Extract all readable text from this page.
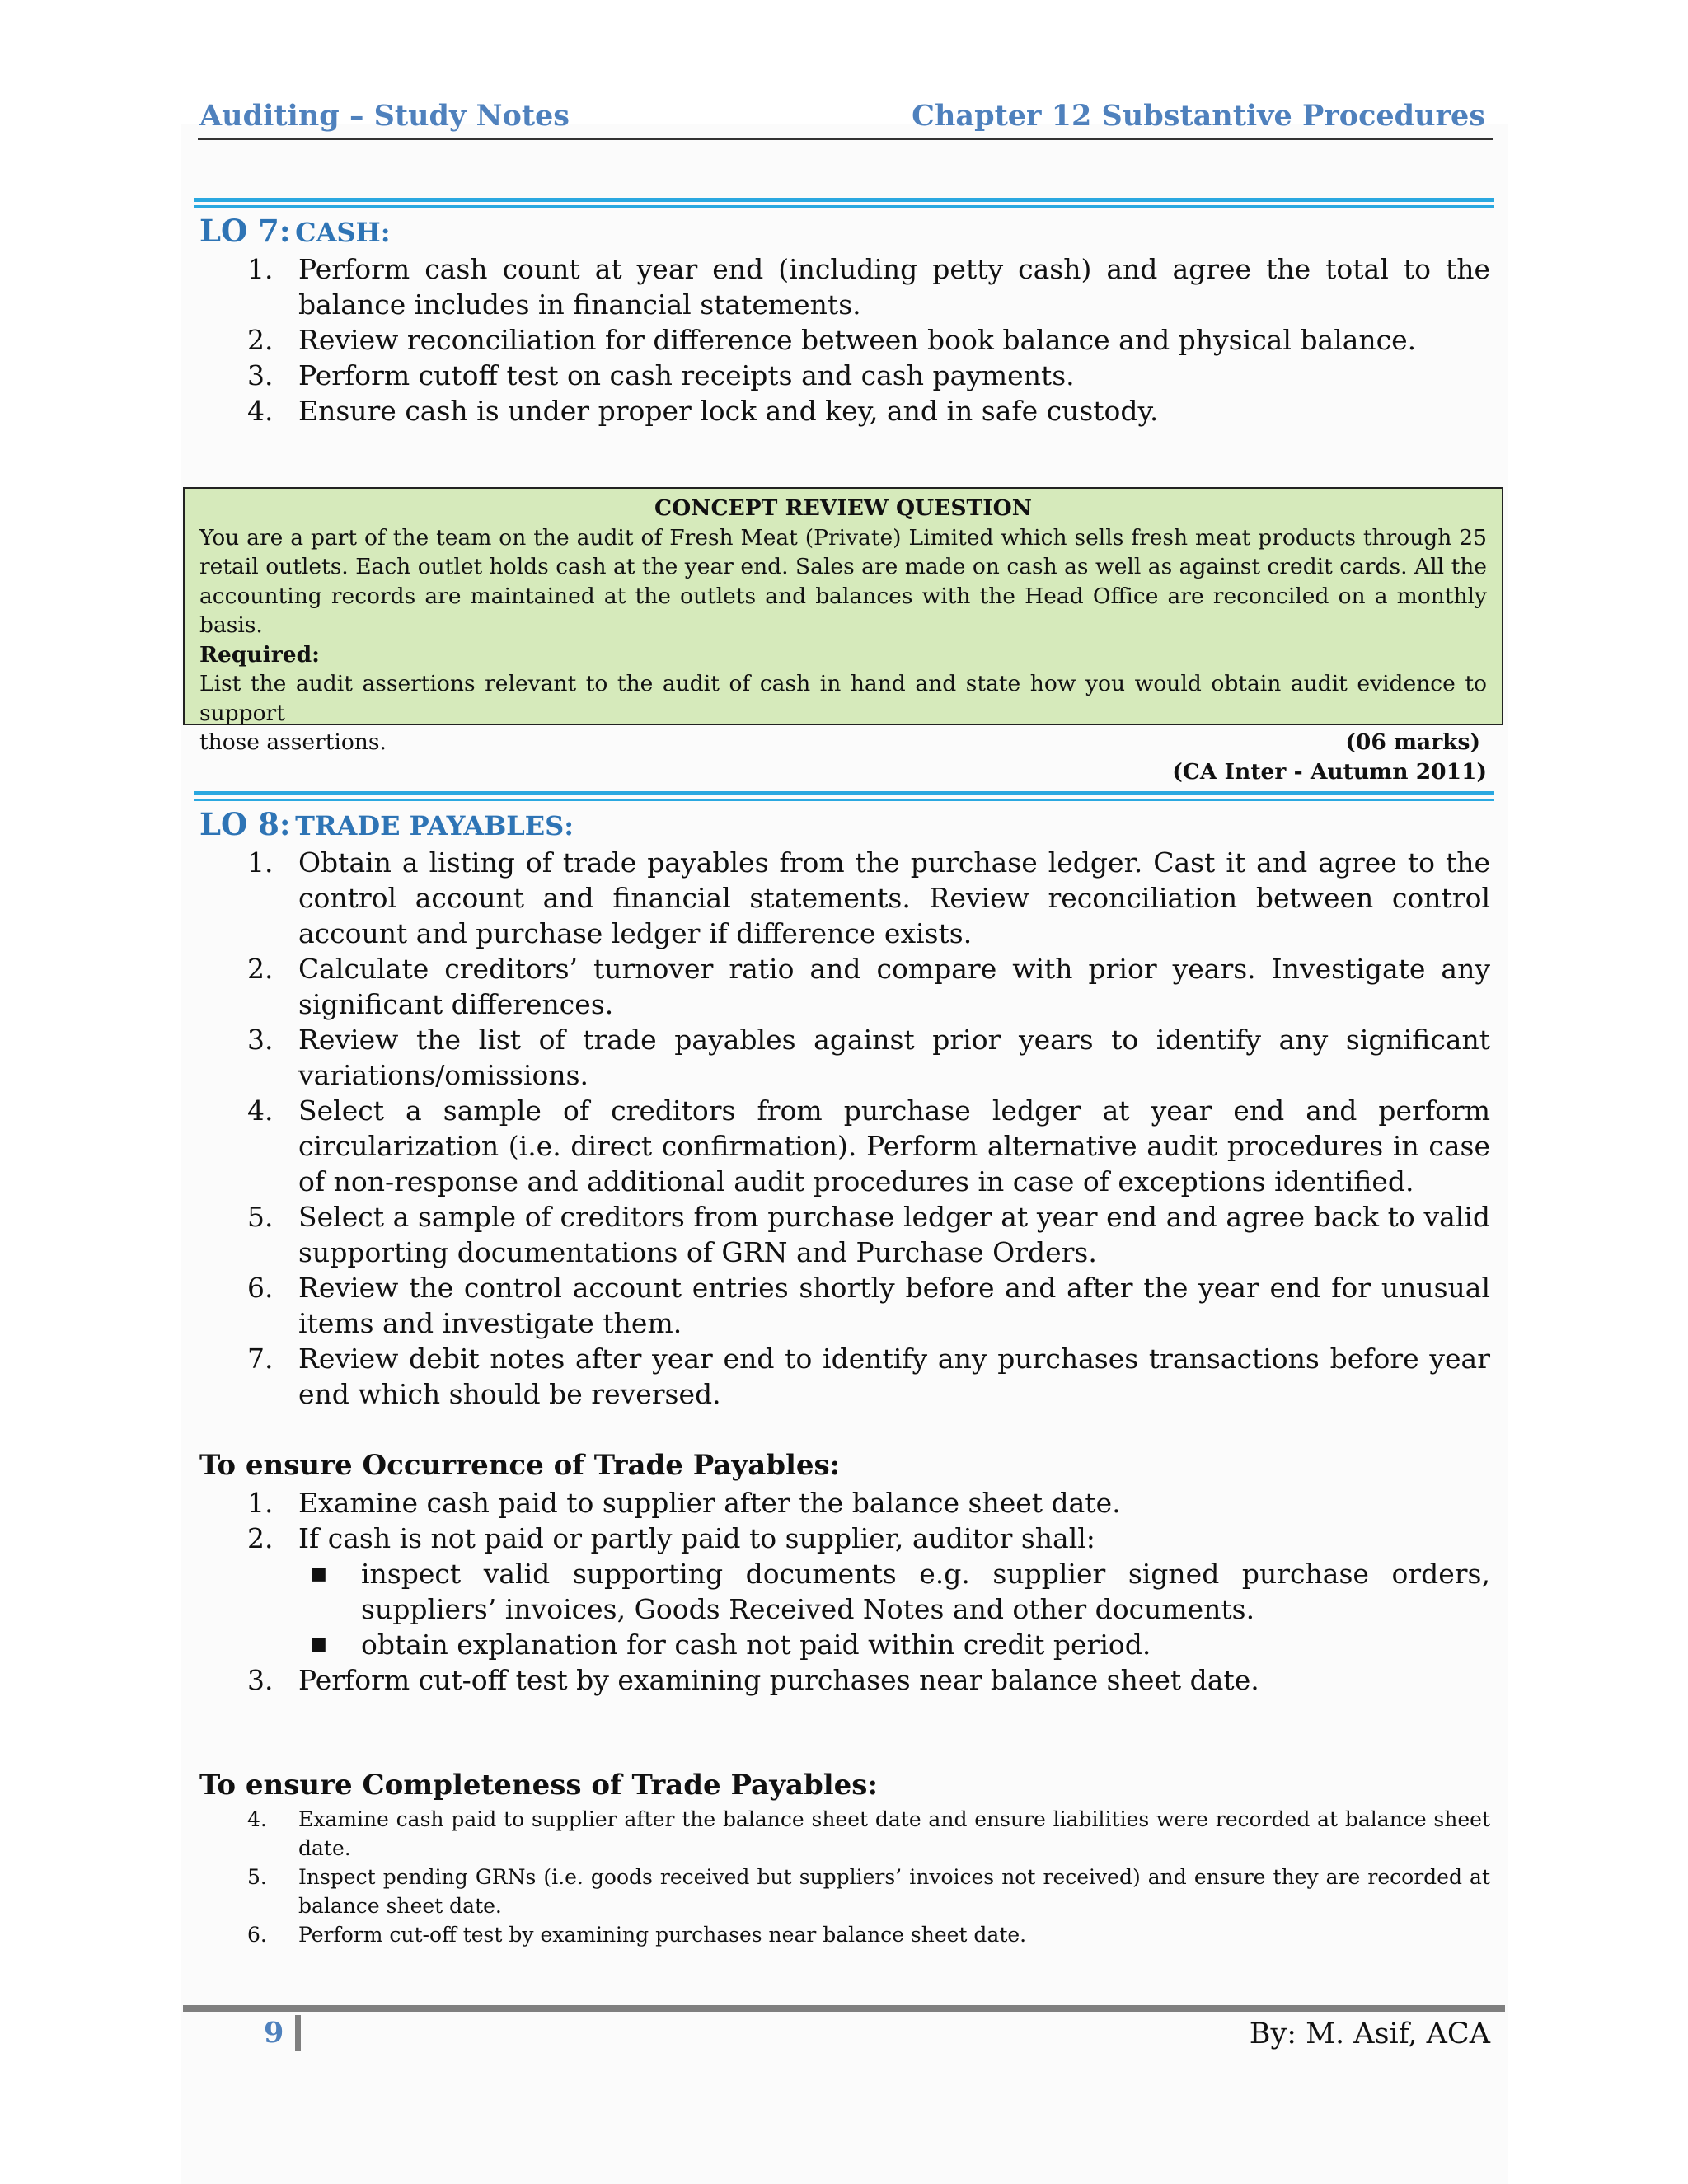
Auditing – Study Notes	Chapter 12 Substantive Procedures
LO 7: CASH:
1. Perform cash count at year end (including petty cash) and agree the total to the balance includes in financial statements.
2. Review reconciliation for difference between book balance and physical balance.
3. Perform cutoff test on cash receipts and cash payments.
4. Ensure cash is under proper lock and key, and in safe custody.
CONCEPT REVIEW QUESTION
You are a part of the team on the audit of Fresh Meat (Private) Limited which sells fresh meat products through 25 retail outlets. Each outlet holds cash at the year end. Sales are made on cash as well as against credit cards. All the accounting records are maintained at the outlets and balances with the Head Office are reconciled on a monthly basis.
Required:
List the audit assertions relevant to the audit of cash in hand and state how you would obtain audit evidence to support
those assertions.	(06 marks)
(CA Inter - Autumn 2011)
LO 8: TRADE PAYABLES:
1. Obtain a listing of trade payables from the purchase ledger. Cast it and agree to the control account and financial statements. Review reconciliation between control account and purchase ledger if difference exists.
2. Calculate creditors’ turnover ratio and compare with prior years. Investigate any significant differences.
3. Review the list of trade payables against prior years to identify any significant variations/omissions.
4. Select a sample of creditors from purchase ledger at year end and perform circularization (i.e. direct confirmation). Perform alternative audit procedures in case of non-response and additional audit procedures in case of exceptions identified.
5. Select a sample of creditors from purchase ledger at year end and agree back to valid supporting documentations of GRN and Purchase Orders.
6. Review the control account entries shortly before and after the year end for unusual items and investigate them.
7. Review debit notes after year end to identify any purchases transactions before year end which should be reversed.
To ensure Occurrence of Trade Payables:
1. Examine cash paid to supplier after the balance sheet date.
2. If cash is not paid or partly paid to supplier, auditor shall:
■ inspect valid supporting documents e.g. supplier signed purchase orders, suppliers’ invoices, Goods Received Notes and other documents.
■ obtain explanation for cash not paid within credit period.
3. Perform cut-off test by examining purchases near balance sheet date.
To ensure Completeness of Trade Payables:
4. Examine cash paid to supplier after the balance sheet date and ensure liabilities were recorded at balance sheet date.
5. Inspect pending GRNs (i.e. goods received but suppliers’ invoices not received) and ensure they are recorded at balance sheet date.
6. Perform cut-off test by examining purchases near balance sheet date.
9	By: M. Asif, ACA
